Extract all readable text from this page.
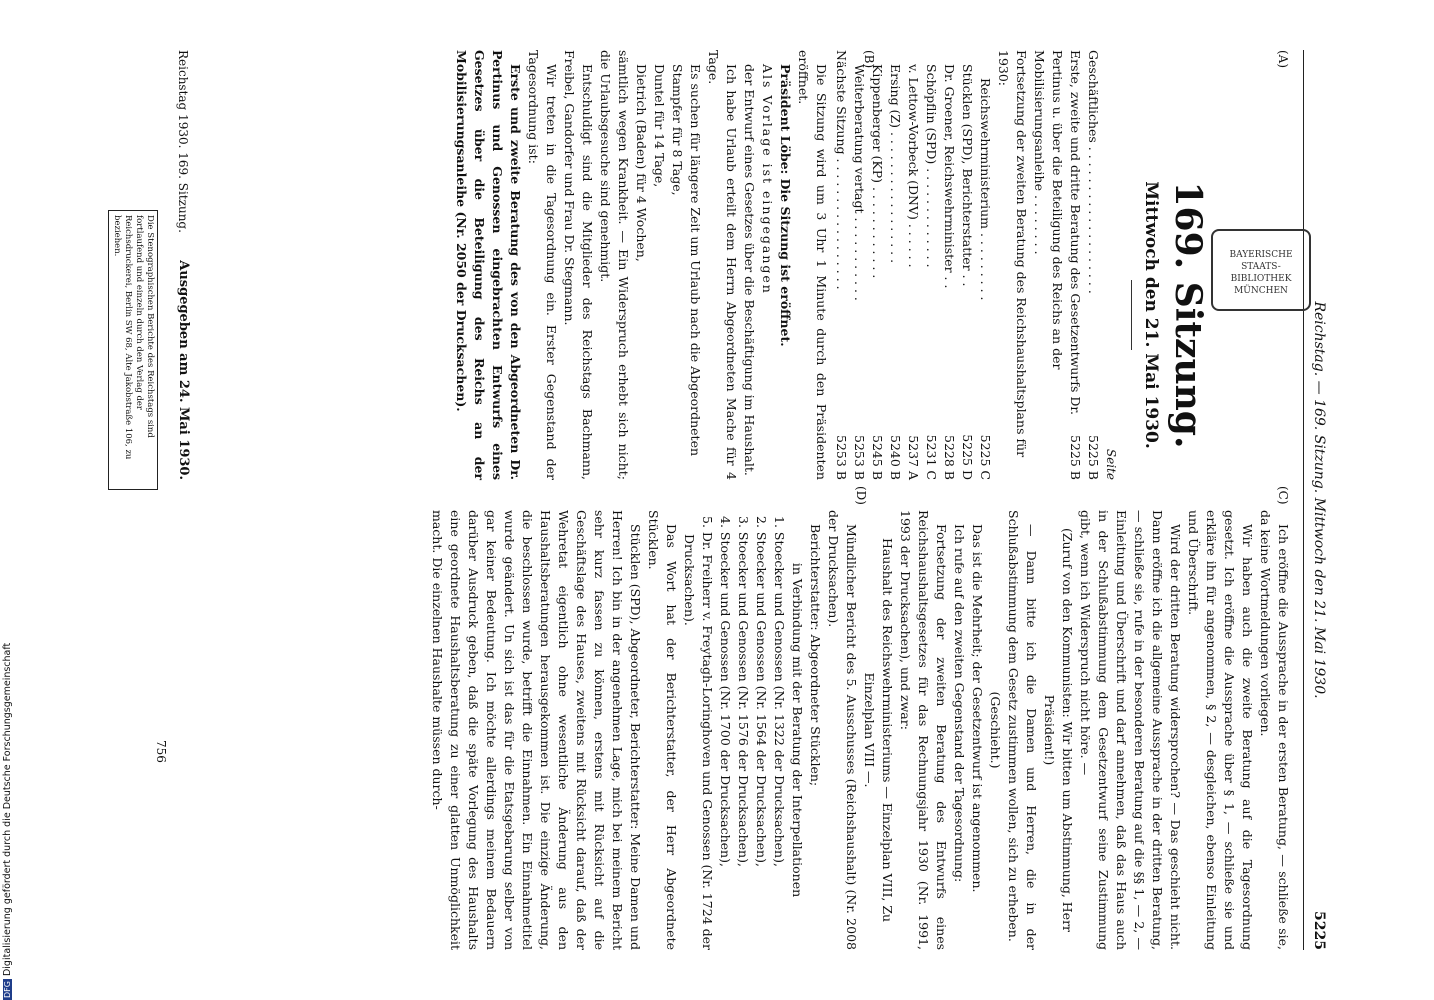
(A)
(B)
(C)
(D)	Reichstag. — 169. Sitzung. Mittwoch den 21. Mai 1930.
5225
BAYERISCHE
STAATS-
BIBLIOTHEK
MÜNCHEN
169. Sitzung.
Mittwoch den 21. Mai 1930.
Seite
Geschäftliches . . . . . . . . . . . . . . . . . . .
5225 B
Erste, zweite und dritte Beratung des Gesetzentwurfs Dr. Pertinus u. über die Beteiligung des Reichs an der Mobilisierungsanleihe . . . . . . . .
5225 B
Fortsetzung der zweiten Beratung des Reichshaushaltsplans für 1930:
Reichswehrministerium . . . . . . . . .
5225 C
Stücklen (SPD), Berichterstatter . .
5225 D
Dr. Groener, Reichswehrminister . .
5228 B
Schöpflin (SPD) . . . . . . . . . . . . .
5231 C
v. Lettow-Vorbeck (DNV) . . . . . .
5237 A
Ersing (Z) . . . . . . . . . . . . . . . . .
5240 B
Kippenberger (KP) . . . . . . . . . . . .
5245 B
Weiterberatung vertagt . . . . . . . . . . .
5253 B
Nächste Sitzung . . . . . . . . . . . . . . . . .
5253 B

Die Sitzung wird um 3 Uhr 1 Minute durch den Präsidenten eröffnet.

Präsident Löbe: Die Sitzung ist eröffnet.

Als Vorlage ist eingegangen

der Entwurf eines Gesetzes über die Beschäftigung im Haushalt.

Ich habe Urlaub erteilt dem Herrn Abgeordneten Mache für 4 Tage.

Es suchen für längere Zeit um Urlaub nach die Abgeordneten

Stampfer für 8 Tage,
Duntel für 14 Tage,
Dietrich (Baden) für 4 Wochen,
sämtlich wegen Krankheit. — Ein Widerspruch erhebt sich nicht; die Urlaubsgesuche sind genehmigt.

Entschuldigt sind die Mitglieder des Reichstags Bachmann, Freibel, Gandorfer und Frau Dr. Stegmann.

Wir treten in die Tagesordnung ein. Erster Gegenstand der Tagesordnung ist:

Erste und zweite Beratung des von den Abgeordneten Dr. Pertinus und Genossen eingebrachten Entwurfs eines Gesetzes über die Beteiligung des Reichs an der Mobilisierungsanleihe (Nr. 2050 der Drucksachen).

Reichstag 1930. 169. Sitzung.
Ausgegeben am 24. Mai 1930.
Die Stenographischen Berichte des Reichstags sind fortlaufend und einzeln durch den Verlag der Reichsdruckerei, Berlin SW 68, Alte Jakobstraße 106, zu beziehen.

Ich eröffne die Aussprache in der ersten Beratung, — schließe sie, da keine Wortmeldungen vorliegen.

Wir haben auch die zweite Beratung auf die Tagesordnung gesetzt. Ich eröffne die Aussprache über § 1, — schließe sie und erkläre ihn für angenommen, § 2, — desgleichen, ebenso Einleitung und Überschrift.

Wird der dritten Beratung widersprochen? — Das geschieht nicht. Dann eröffne ich die allgemeine Aussprache in der dritten Beratung, — schließe sie, rufe in der besonderen Beratung auf die §§ 1, — 2, — Einleitung und Überschrift und darf annehmen, daß das Haus auch in der Schlußabstimmung dem Gesetzentwurf seine Zustimmung gibt, wenn ich Widerspruch nicht höre. —

(Zuruf von den Kommunisten: Wir bitten um Abstimmung, Herr Präsident!)

— Dann bitte ich die Damen und Herren, die in der Schlußabstimmung dem Gesetz zustimmen wollen, sich zu erheben.

(Geschieht.)

Das ist die Mehrheit; der Gesetzentwurf ist angenommen.

Ich rufe auf den zweiten Gegenstand der Tagesordnung:

Fortsetzung der zweiten Beratung des Entwurfs eines Reichshaushaltsgesetzes für das Rechnungsjahr 1930 (Nr. 1991, 1993 der Drucksachen), und zwar:

Haushalt des Reichswehrministeriums — Einzelplan VIII, Zu Einzelplan VIII —.

Mündlicher Bericht des 5. Ausschusses (Reichshaushalt) (Nr. 2008 der Drucksachen).

Berichterstatter: Abgeordneter Stücklen;

in Verbindung mit der Beratung der Interpellationen

1. Stoecker und Genossen (Nr. 1322 der Drucksachen),

2. Stoecker und Genossen (Nr. 1564 der Drucksachen),

3. Stoecker und Genossen (Nr. 1576 der Drucksachen),

4. Stoecker und Genossen (Nr. 1700 der Drucksachen),

5. Dr. Freiherr v. Freytagh-Loringhoven und Genossen (Nr. 1724 der Drucksachen).

Das Wort hat der Berichterstatter, der Herr Abgeordnete Stücklen.

Stücklen (SPD), Abgeordneter, Berichterstatter: Meine Damen und Herren! Ich bin in der angenehmen Lage, mich bei meinem Bericht sehr kurz fassen zu können, erstens mit Rücksicht auf die Geschäftslage des Hauses, zweitens mit Rücksicht darauf, daß der Wehretat eigentlich ohne wesentliche Änderung aus den Haushaltsberatungen herausgekommen ist. Die einzige Änderung, die beschlossen wurde, betrifft die Einnahmen. Ein Einnahmetitel wurde geändert. Un sich ist das für die Etatsgebarung selber von gar keiner Bedeutung. Ich möchte allerdings meinem Bedauern darüber Ausdruck geben, daß die späte Vorlegung des Haushalts eine geordnete Haushaltsberatung zu einer glatten Unmöglichkeit macht. Die einzelnen Haushalte müssen durch-

756
DFGDigitalisierung gefördert durch die Deutsche Forschungsgemeinschaft
